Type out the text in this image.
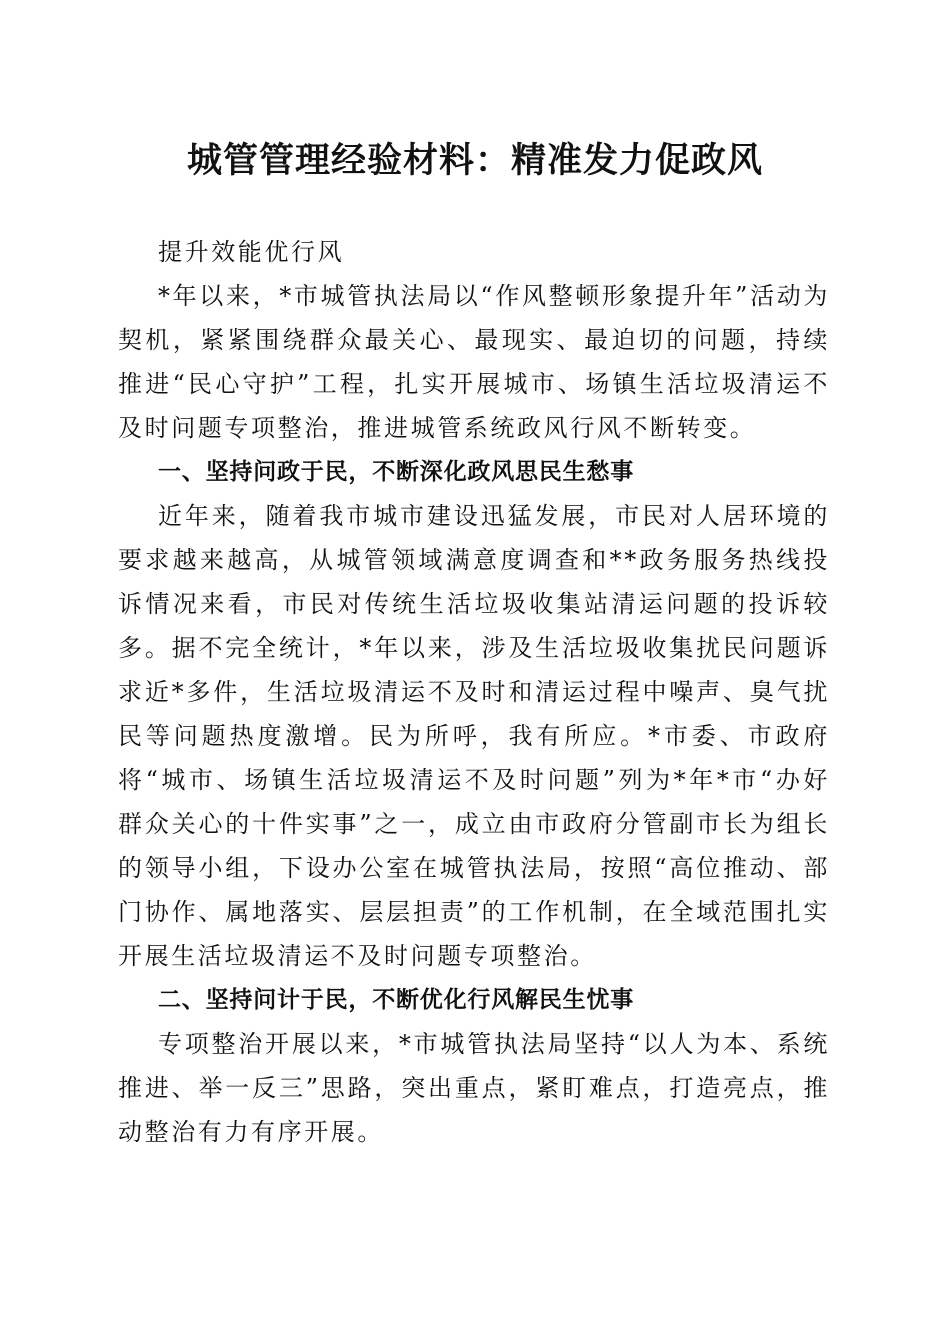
城管管理经验材料：精准发力促政风

提升效能优行风

*年以来，*市城管执法局以“作风整顿形象提升年”活动为契机，紧紧围绕群众最关心、最现实、最迫切的问题，持续推进“民心守护”工程，扎实开展城市、场镇生活垃圾清运不及时问题专项整治，推进城管系统政风行风不断转变。

一、坚持问政于民，不断深化政风思民生愁事

近年来，随着我市城市建设迅猛发展，市民对人居环境的要求越来越高，从城管领域满意度调查和**政务服务热线投诉情况来看，市民对传统生活垃圾收集站清运问题的投诉较多。据不完全统计，*年以来，涉及生活垃圾收集扰民问题诉求近*多件，生活垃圾清运不及时和清运过程中噪声、臭气扰民等问题热度激增。民为所呼，我有所应。*市委、市政府将“城市、场镇生活垃圾清运不及时问题”列为*年*市“办好群众关心的十件实事”之一，成立由市政府分管副市长为组长的领导小组，下设办公室在城管执法局，按照“高位推动、部门协作、属地落实、层层担责”的工作机制，在全域范围扎实开展生活垃圾清运不及时问题专项整治。

二、坚持问计于民，不断优化行风解民生忧事

专项整治开展以来，*市城管执法局坚持“以人为本、系统推进、举一反三”思路，突出重点，紧盯难点，打造亮点，推动整治有力有序开展。
